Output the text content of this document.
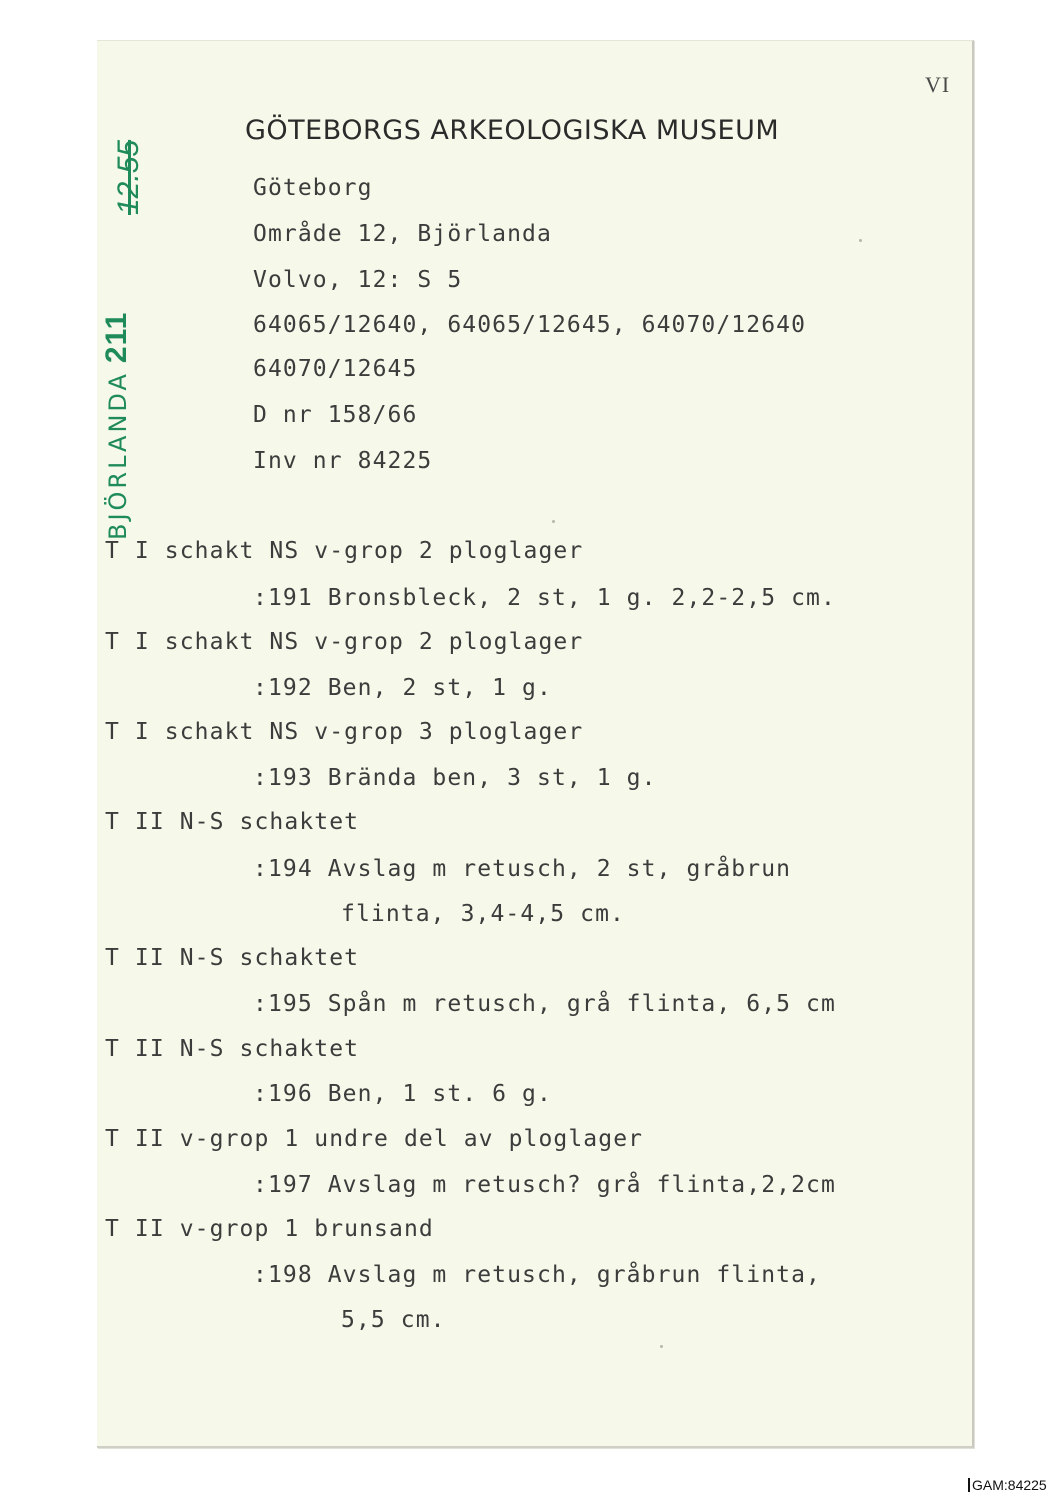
VI
GÖTEBORGS ARKEOLOGISKA MUSEUM
Göteborg
Område 12, Björlanda
Volvo, 12: S 5
64065/12640, 64065/12645, 64070/12640
64070/12645
D nr 158/66
Inv nr 84225
BJÖRLANDA211
12.55
T I schakt NS v-grop 2 ploglager
:191 Bronsbleck, 2 st, 1 g. 2,2-2,5 cm.
T I schakt NS v-grop 2 ploglager
:192 Ben, 2 st, 1 g.
T I schakt NS v-grop 3 ploglager
:193 Brända ben, 3 st, 1 g.
T II N-S schaktet
:194 Avslag m retusch, 2 st, gråbrun
flinta, 3,4-4,5 cm.
T II N-S schaktet
:195 Spån m retusch, grå flinta, 6,5 cm
T II N-S schaktet
:196 Ben, 1 st. 6 g.
T II v-grop 1 undre del av ploglager
:197 Avslag m retusch? grå flinta,2,2cm
T II v-grop 1 brunsand
:198 Avslag m retusch, gråbrun flinta,
5,5 cm.
GAM:84225
